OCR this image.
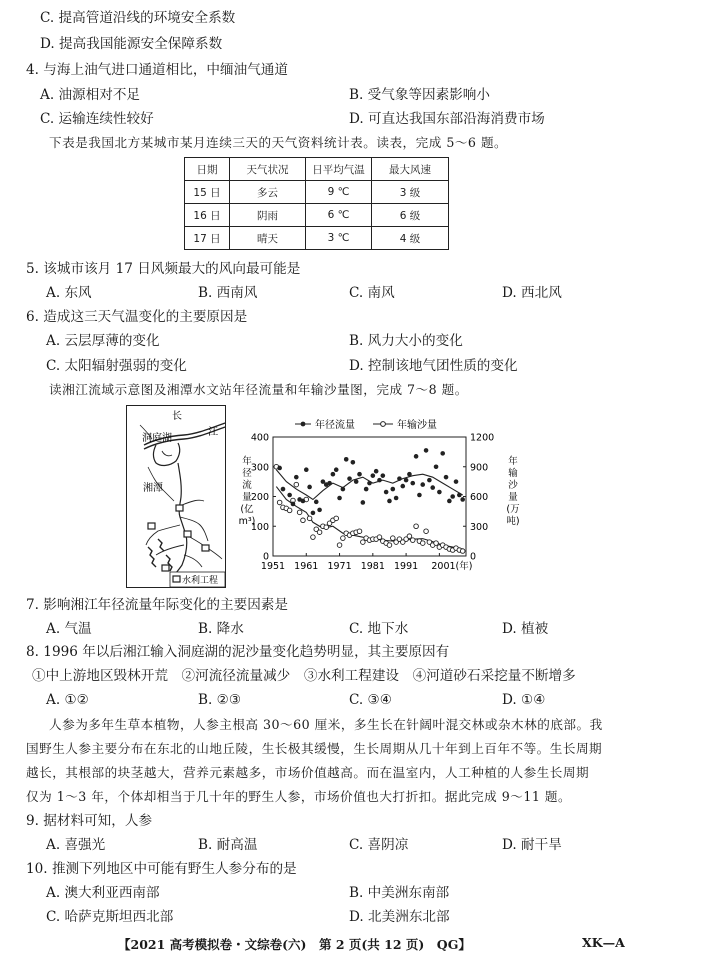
C. 提高管道沿线的环境安全系数
D. 提高我国能源安全保障系数
4. 与海上油气进口通道相比，中缅油气通道
A. 油源相对不足	B. 受气象等因素影响小
C. 运输连续性较好	D. 可直达我国东部沿海消费市场
下表是我国北方某城市某月连续三天的天气资料统计表。读表，完成 5～6 题。
日期	天气状况	日平均气温	最大风速
15 日	多云	9 ℃	3 级
16 日	阴雨	6 ℃	6 级
17 日	晴天	3 ℃	4 级
5. 该城市该月 17 日风频最大的风向最可能是
A. 东风	B. 西南风	C. 南风	D. 西北风
6. 造成这三天气温变化的主要原因是
A. 云层厚薄的变化	B. 风力大小的变化
C. 太阳辐射强弱的变化	D. 控制该地气团性质的变化
读湘江流域示意图及湘潭水文站年径流量和年输沙量图，完成 7～8 题。
长
江
洞庭湖
湘潭
水利工程
年径流量	年输沙量
400
300
200
100
0
1200
900
600
300
0
1951 1961 1971 1981 1991 2001(年)
年径流量(亿 m³)
年输沙量(万吨)
7. 影响湘江年径流量年际变化的主要因素是
A. 气温	B. 降水	C. 地下水	D. 植被
8. 1996 年以后湘江输入洞庭湖的泥沙量变化趋势明显，其主要原因有
①中上游地区毁林开荒　②河流径流量减少　③水利工程建设　④河道砂石采挖量不断增多
A. ①②	B. ②③	C. ③④	D. ①④
人参为多年生草本植物，人参主根高 30～60 厘米，多生长在针阔叶混交林或杂木林的底部。我
国野生人参主要分布在东北的山地丘陵，生长极其缓慢，生长周期从几十年到上百年不等。生长周期
越长，其根部的块茎越大，营养元素越多，市场价值越高。而在温室内，人工种植的人参生长周期
仅为 1～3 年，个体却相当于几十年的野生人参，市场价值也大打折扣。据此完成 9～11 题。
9. 据材料可知，人参
A. 喜强光	B. 耐高温	C. 喜阴凉	D. 耐干旱
10. 推测下列地区中可能有野生人参分布的是
A. 澳大利亚西南部	B. 中美洲东南部
C. 哈萨克斯坦西北部	D. 北美洲东北部
【2021 高考模拟卷・文综卷(六)　第 2 页(共 12 页)　QG】	XK—A
